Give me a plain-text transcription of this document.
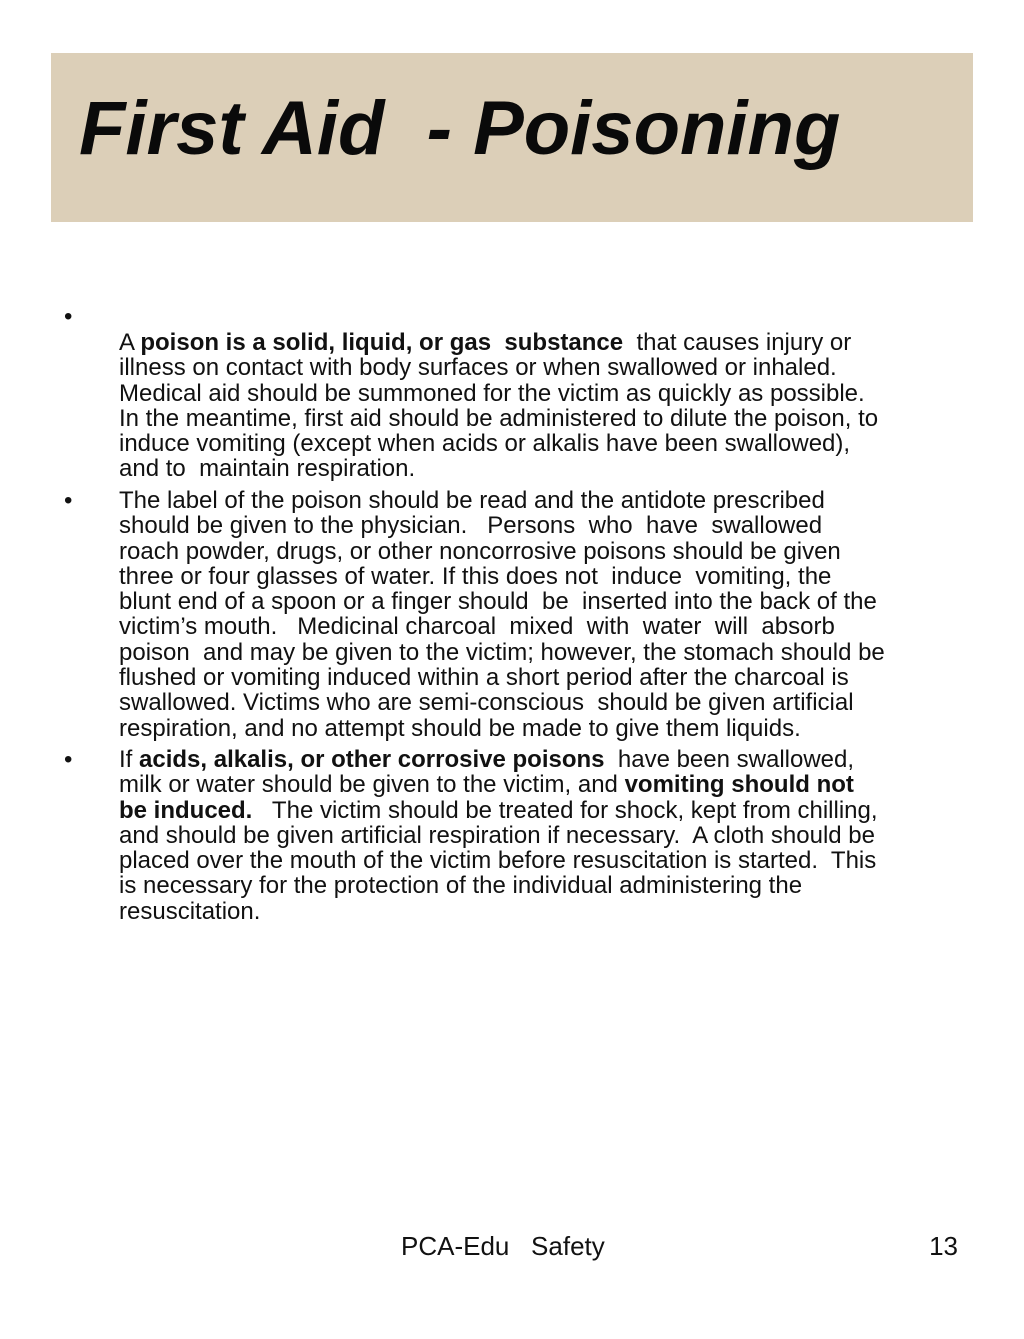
First Aid  - Poisoning
•

A poison is a solid, liquid, or gas  substance  that causes injury or
illness on contact with body surfaces or when swallowed or inhaled.
Medical aid should be summoned for the victim as quickly as possible.
In the meantime, first aid should be administered to dilute the poison, to
induce vomiting (except when acids or alkalis have been swallowed),
and to  maintain respiration.

• The label of the poison should be read and the antidote prescribed
should be given to the physician.   Persons  who  have  swallowed
roach powder, drugs, or other noncorrosive poisons should be given
three or four glasses of water. If this does not  induce  vomiting, the
blunt end of a spoon or a finger should  be  inserted into the back of the
victim’s mouth.   Medicinal charcoal  mixed  with  water  will  absorb
poison  and may be given to the victim; however, the stomach should be
flushed or vomiting induced within a short period after the charcoal is
swallowed. Victims who are semi-conscious  should be given artificial
respiration, and no attempt should be made to give them liquids.

• If acids, alkalis, or other corrosive poisons  have been swallowed,
milk or water should be given to the victim, and vomiting should not
be induced.   The victim should be treated for shock, kept from chilling,
and should be given artificial respiration if necessary.  A cloth should be
placed over the mouth of the victim before resuscitation is started.  This
is necessary for the protection of the individual administering the
resuscitation.

PCA-Edu   Safety	13
